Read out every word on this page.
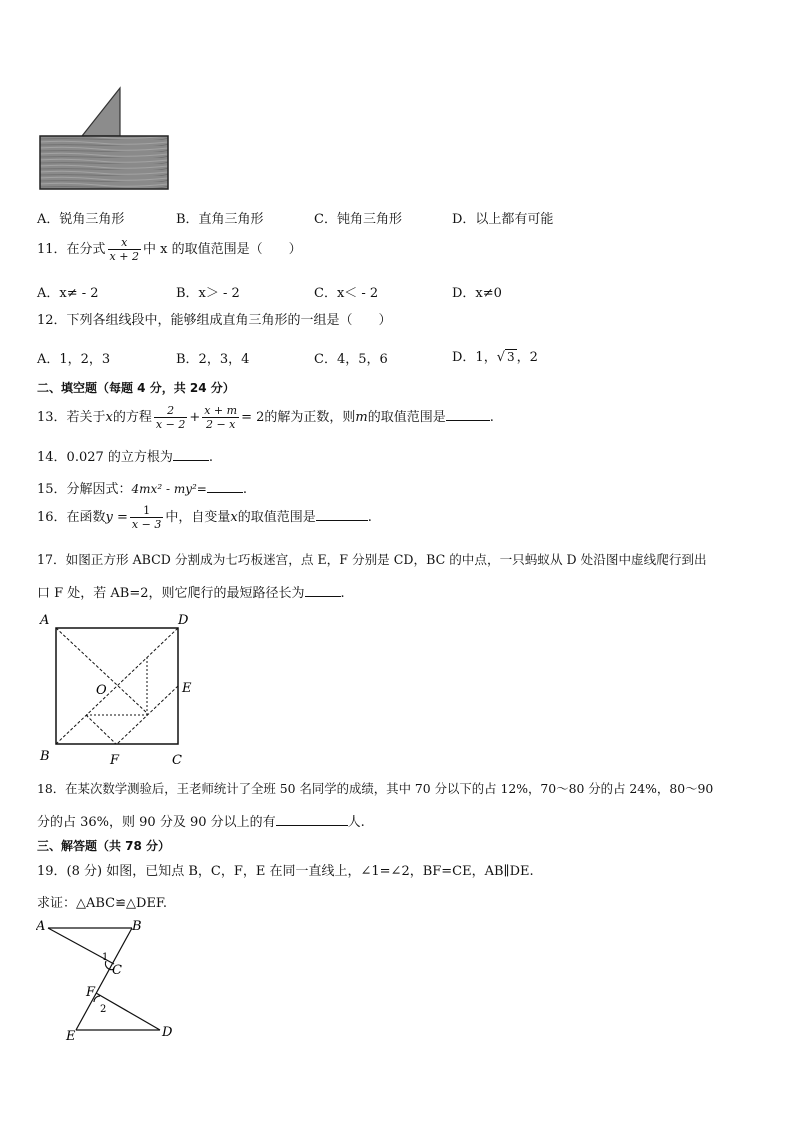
A．锐角三角形	B．直角三角形	C．钝角三角形	D．以上都有可能
11．在分式 $\frac{x}{x + 2}$ 中 x 的取值范围是（　　）
A．x≠ - 2	B．x＞ - 2	C．x＜ - 2	D．x≠0
12．下列各组线段中，能够组成直角三角形的一组是（　　）
A．1，2，3	B．2，3，4	C．4，5，6	D．1，√ 3 ，2
二、填空题（每题 4 分，共 24 分）
13．若关于x的方程 $\frac{2}{x - 2} + \frac{x + m}{2 - x} = 2$的解为正数，则m的取值范围是	.
14．0.027 的立方根为	.
15．分解因式：4mx² - my²=	.
16．在函数$y = \frac{1}{x - 3}$ 中，自变量x的取值范围是	.
17．如图正方形 ABCD 分割成为七巧板迷宫，点 E，F 分别是 CD，BC 的中点，一只蚂蚁从 D 处沿图中虚线爬行到出
口 F 处，若 AB=2，则它爬行的最短路径长为	.
A	D
B	C
E
F
O
18．在某次数学测验后，王老师统计了全班 50 名同学的成绩，其中 70 分以下的占 12%，70～80 分的占 24%，80～90
分的占 36%，则 90 分及 90 分以上的有	人.
三、解答题（共 78 分）
19．(8 分) 如图，已知点 B，C，F，E 在同一直线上，∠1=∠2，BF=CE，AB∥DE.
求证：△ABC≌△DEF.
A	B
C
F
E	D
1
2
